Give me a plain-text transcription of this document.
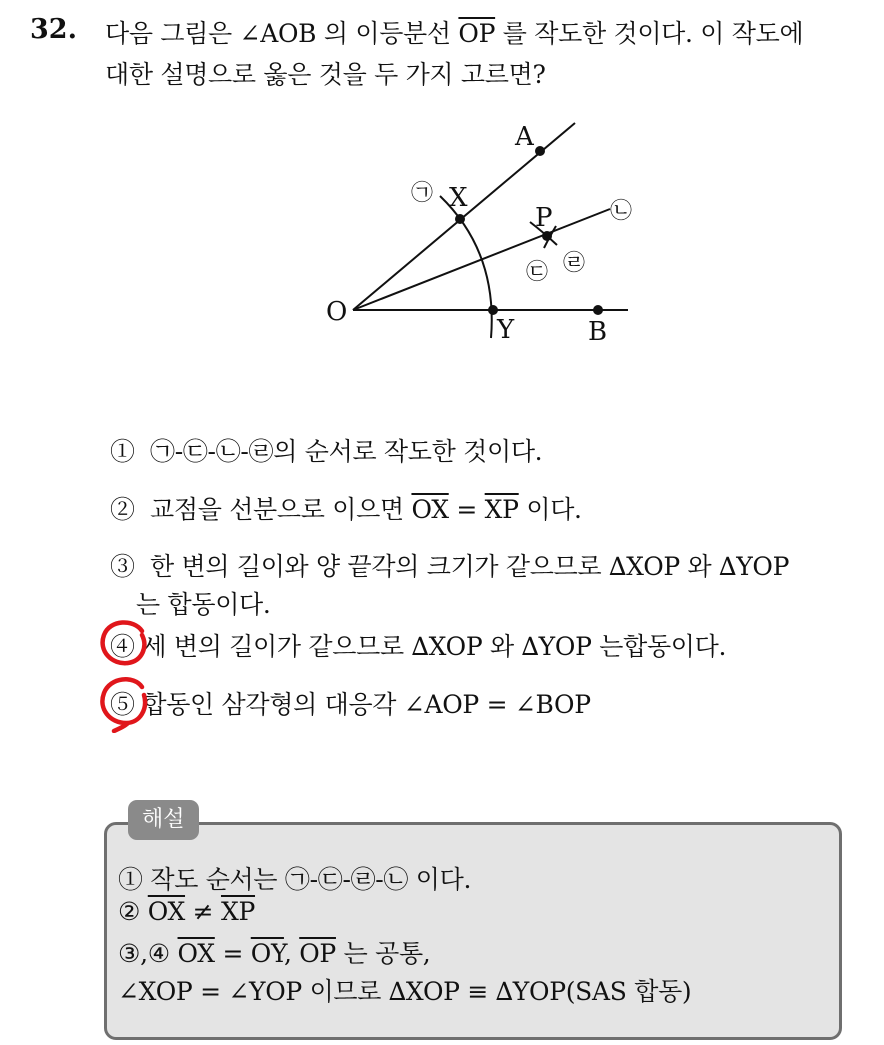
32. 다음 그림은 ∠AOB 의 이등분선 $\overline{OP}$ 를 작도한 것이다. 이 작도에
대한 설명으로 옳은 것을 두 가지 고르면?
A
X
P
O
Y	B
㉠
㉡
㉢ ㉣
① ㉠-㉢-㉡-㉣의 순서로 작도한 것이다.
② 교점을 선분으로 이으면 $\overline{OX} = \overline{XP}$ 이다.
③ 한 변의 길이와 양 끝각의 크기가 같으므로 ∆XOP 와 ∆YOP
는 합동이다.
④ 세 변의 길이가 같으므로 ∆XOP 와 ∆YOP 는합동이다.
⑤ 합동인 삼각형의 대응각 ∠AOP = ∠BOP
해설
① 작도 순서는 ㉠-㉢-㉣-㉡ 이다.
② $\overline{OX} \ne \overline{XP}$
③,④ $\overline{OX} = \overline{OY}$, $\overline{OP}$ 는 공통,
∠XOP = ∠YOP 이므로 ∆XOP ≡ ∆YOP(SAS 합동)
